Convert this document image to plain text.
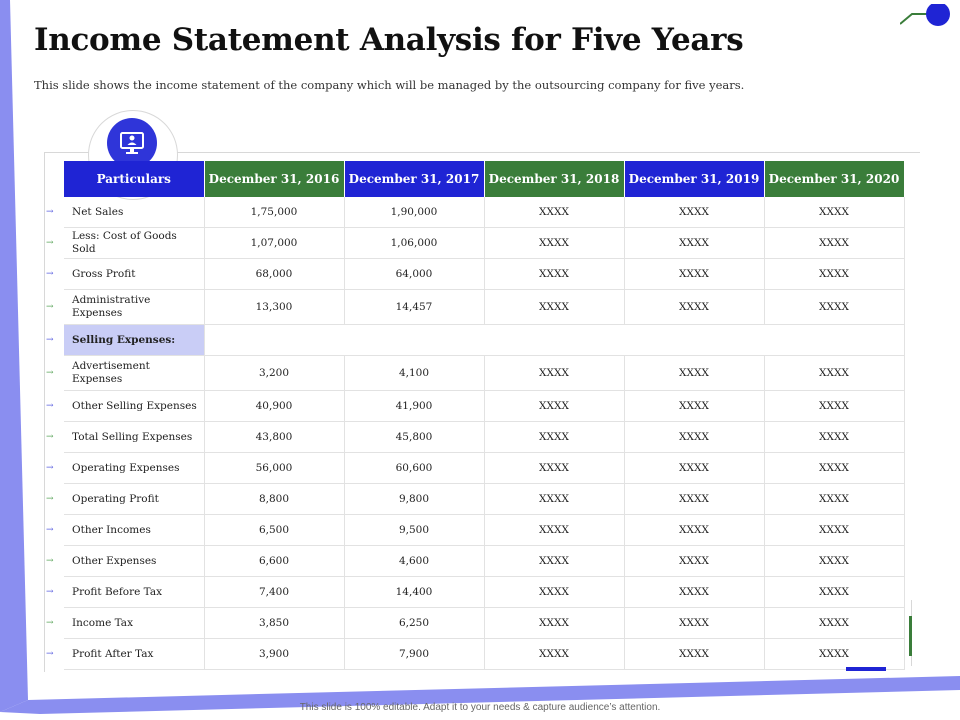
Income Statement Analysis for Five Years
This slide shows the income statement of the company which will be managed by the outsourcing company for five years.
Particulars	December 31, 2016	December 31, 2017	December 31, 2018	December 31, 2019	December 31, 2020
Net Sales	1,75,000	1,90,000	XXXX	XXXX	XXXX
Less: Cost of Goods Sold	1,07,000	1,06,000	XXXX	XXXX	XXXX
Gross Profit	68,000	64,000	XXXX	XXXX	XXXX
Administrative
Expenses	13,300	14,457	XXXX	XXXX	XXXX
Selling Expenses:					
Advertisement
Expenses	3,200	4,100	XXXX	XXXX	XXXX
Other Selling Expenses	40,900	41,900	XXXX	XXXX	XXXX
Total Selling Expenses	43,800	45,800	XXXX	XXXX	XXXX
Operating Expenses	56,000	60,600	XXXX	XXXX	XXXX
Operating Profit	8,800	9,800	XXXX	XXXX	XXXX
Other Incomes	6,500	9,500	XXXX	XXXX	XXXX
Other Expenses	6,600	4,600	XXXX	XXXX	XXXX
Profit Before Tax	7,400	14,400	XXXX	XXXX	XXXX
Income Tax	3,850	6,250	XXXX	XXXX	XXXX
Profit After Tax	3,900	7,900	XXXX	XXXX	XXXX
This slide is 100% editable. Adapt it to your needs & capture audience’s attention.
→
→
→
→
→
→
→
→
→
→
→
→
→
→
→
